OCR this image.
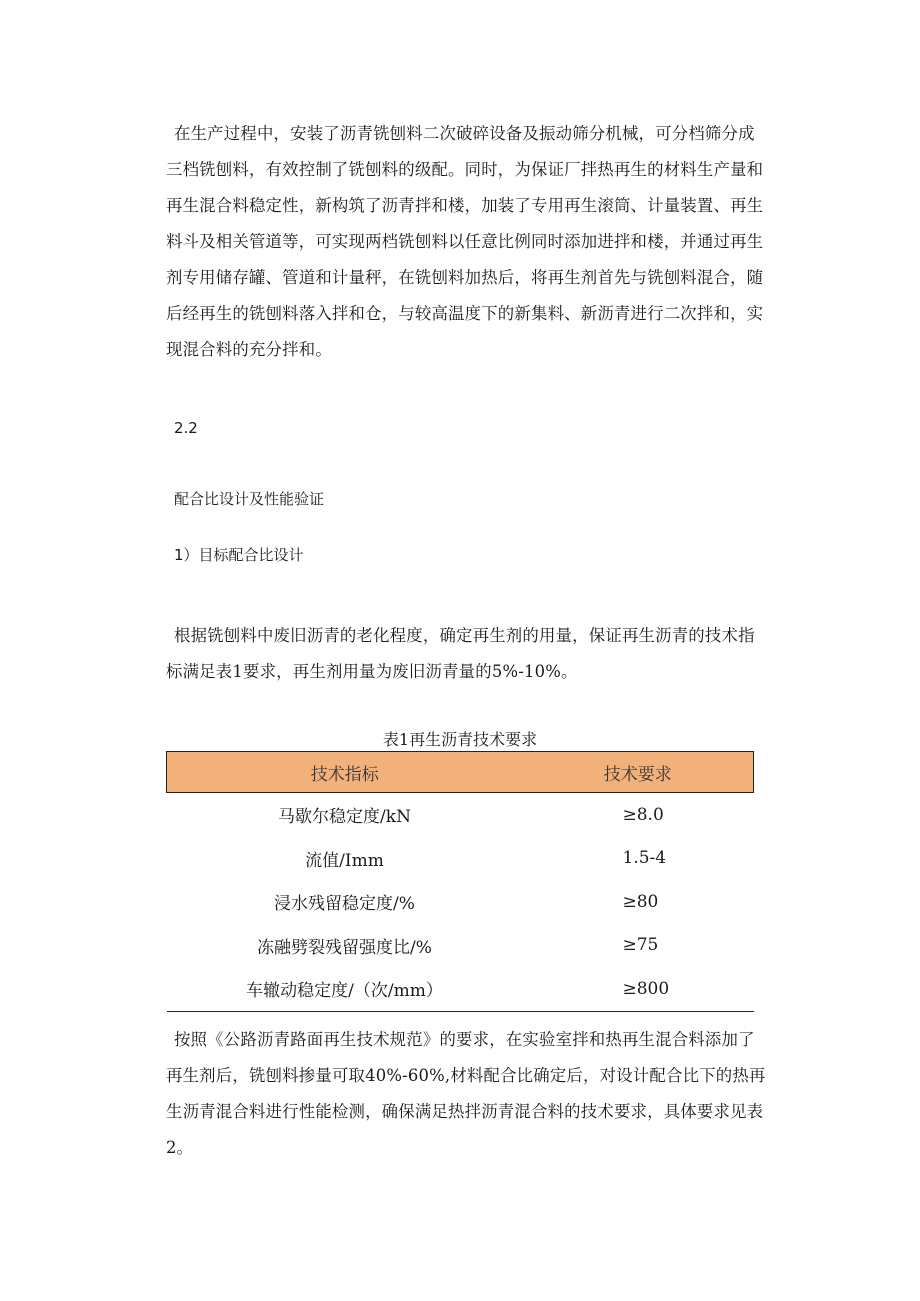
在生产过程中，安装了沥青铣刨料二次破碎设备及振动筛分机械，可分档筛分成三档铣刨料，有效控制了铣刨料的级配。同时，为保证厂拌热再生的材料生产量和再生混合料稳定性，新构筑了沥青拌和楼，加装了专用再生滚筒、计量装置、再生料斗及相关管道等，可实现两档铣刨料以任意比例同时添加进拌和楼，并通过再生剂专用储存罐、管道和计量秤，在铣刨料加热后，将再生剂首先与铣刨料混合，随后经再生的铣刨料落入拌和仓，与较高温度下的新集料、新沥青进行二次拌和，实现混合料的充分拌和。

2.2

配合比设计及性能验证

1）目标配合比设计

根据铣刨料中废旧沥青的老化程度，确定再生剂的用量，保证再生沥青的技术指标满足表1要求，再生剂用量为废旧沥青量的5%-10%。

表1再生沥青技术要求

技术指标	技术要求
马歇尔稳定度/kN	≥8.0
流值/Imm	1.5-4
浸水残留稳定度/%	≥80
冻融劈裂残留强度比/%	≥75
车辙动稳定度/（次/mm）	≥800

按照《公路沥青路面再生技术规范》的要求，在实验室拌和热再生混合料添加了再生剂后，铣刨料掺量可取40%-60%,材料配合比确定后，对设计配合比下的热再生沥青混合料进行性能检测，确保满足热拌沥青混合料的技术要求，具体要求见表2。
